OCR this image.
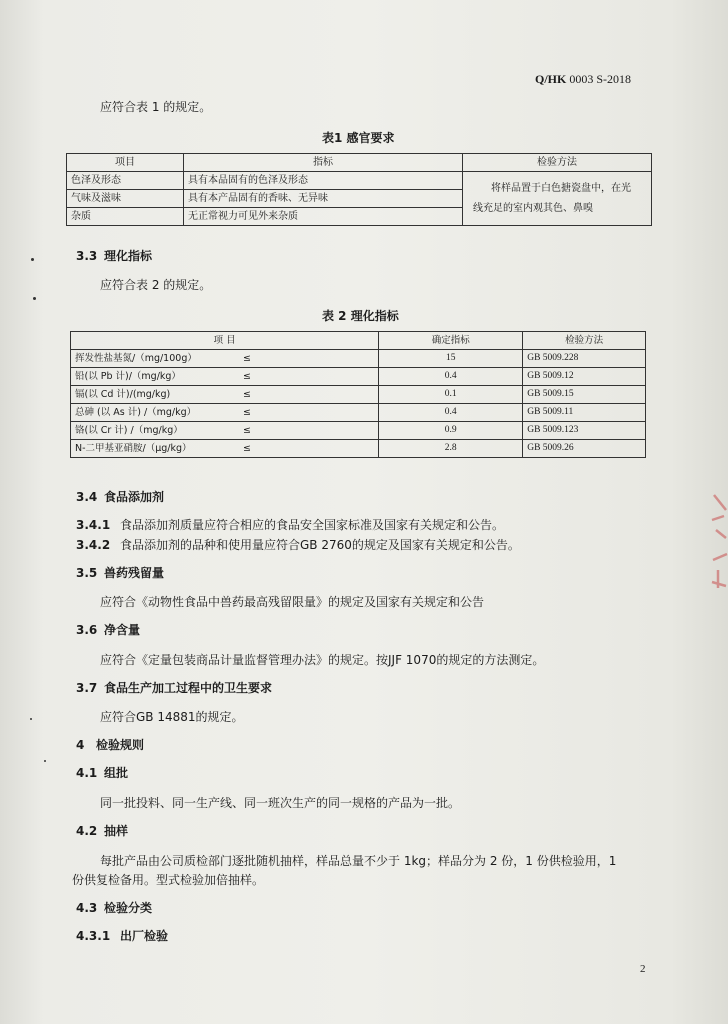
Q/HK 0003 S-2018
应符合表 1 的规定。
表1 感官要求
项目	指标	检验方法
色泽及形态	具有本品固有的色泽及形态	将样品置于白色搪瓷盘中，在光
线充足的室内观其色、鼻嗅

气味及滋味	具有本产品固有的香味、无异味	
杂质	无正常视力可见外来杂质	
3.3 理化指标
应符合表 2 的规定。
表 2 理化指标
项 目		确定指标	检验方法
挥发性盐基氮/（mg/100g）	≤	15	GB 5009.228
铅(以 Pb 计)/（mg/kg）	≤	0.4	GB 5009.12
镉(以 Cd 计)/(mg/kg)	≤	0.1	GB 5009.15
总砷 (以 As 计) /（mg/kg）	≤	0.4	GB 5009.11
铬(以 Cr 计) /（mg/kg）	≤	0.9	GB 5009.123
N-二甲基亚硝胺/（μg/kg）	≤	2.8	GB 5009.26
3.4 食品添加剂
3.4.1 食品添加剂质量应符合相应的食品安全国家标准及国家有关规定和公告。
3.4.2 食品添加剂的品种和使用量应符合GB 2760的规定及国家有关规定和公告。
3.5 兽药残留量
应符合《动物性食品中兽药最高残留限量》的规定及国家有关规定和公告
3.6 净含量
应符合《定量包装商品计量监督管理办法》的规定。按JJF 1070的规定的方法测定。
3.7 食品生产加工过程中的卫生要求
应符合GB 14881的规定。
4 检验规则
4.1 组批
同一批投料、同一生产线、同一班次生产的同一规格的产品为一批。
4.2 抽样
每批产品由公司质检部门逐批随机抽样，样品总量不少于 1kg；样品分为 2 份，1 份供检验用，1
份供复检备用。型式检验加倍抽样。
4.3 检验分类
4.3.1 出厂检验
2
